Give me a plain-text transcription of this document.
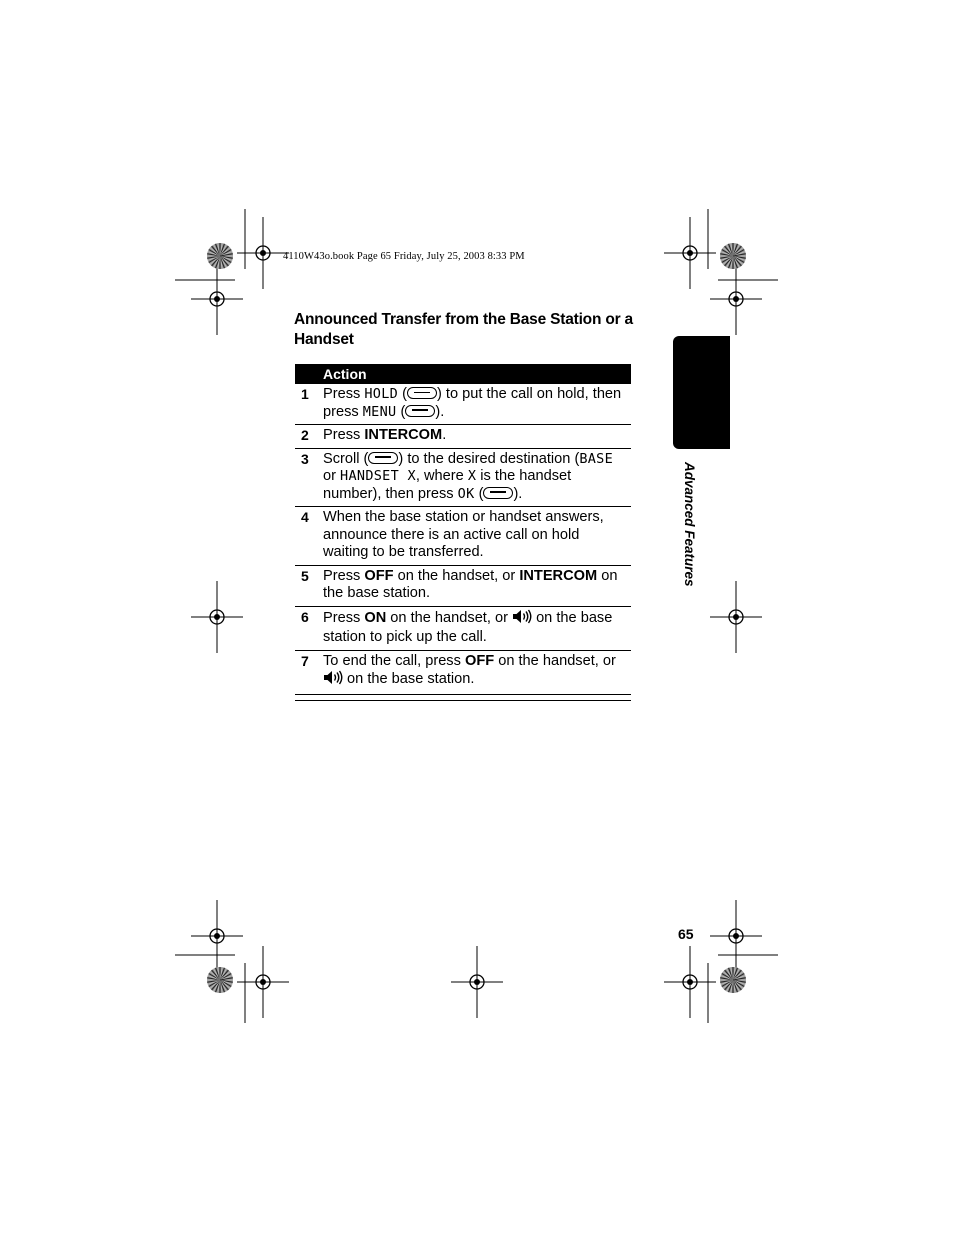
4110W43o.book Page 65 Friday, July 25, 2003 8:33 PM
Announced Transfer from the Base Station or a Handset
Action
1 Press HOLD ( ) to put the call on hold, then press MENU ( ).
2 Press INTERCOM.
3 Scroll ( ) to the desired destination (BASE or HANDSET X, where X is the handset number), then press OK ( ).
4 When the base station or handset answers, announce there is an active call on hold waiting to be transferred.
5 Press OFF on the handset, or INTERCOM on the base station.
6 Press ON on the handset, or  on the base station to pick up the call.
7 To end the call, press OFF on the handset, or  on the base station.
Advanced Features
65
